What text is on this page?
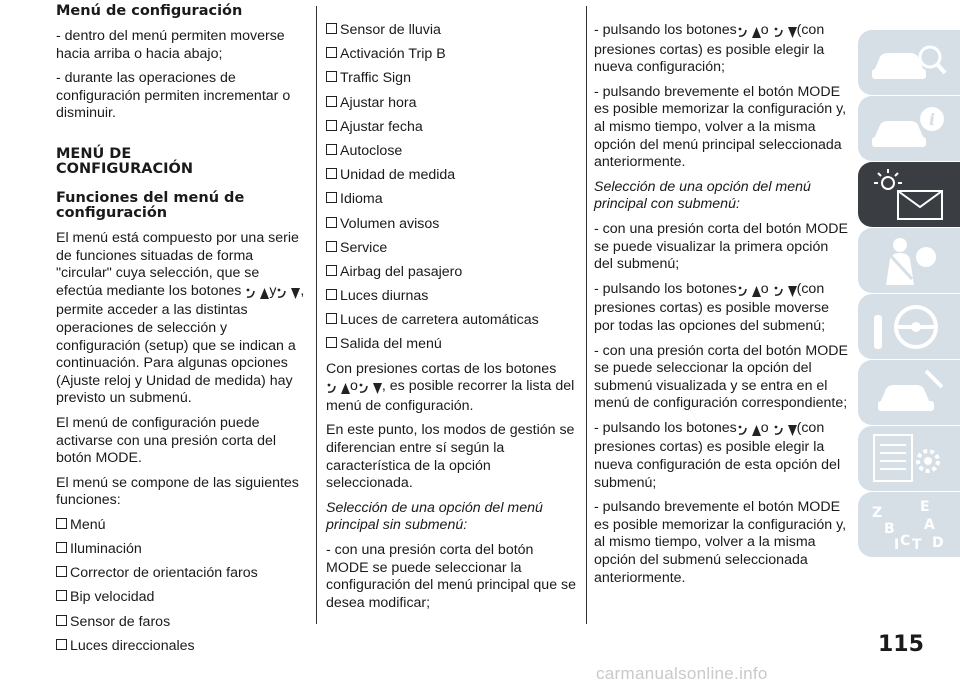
Menú de configuración

- dentro del menú permiten moverse hacia arriba o hacia abajo;

- durante las operaciones de configuración permiten incrementar o disminuir.

MENÚ DE
CONFIGURACIÓN
Funciones del menú de
configuración

El menú está compuesto por una serie de funciones situadas de forma "circular" cuya selección, que se efectúa mediante los botones y , permite acceder a las distintas operaciones de selección y configuración (setup) que se indican a continuación. Para algunas opciones (Ajuste reloj y Unidad de medida) hay previsto un submenú.

El menú de configuración puede activarse con una presión corta del botón MODE.

El menú se compone de las siguientes funciones:

Menú
Iluminación
Corrector de orientación faros
Bip velocidad
Sensor de faros
Luces direccionales
Sensor de lluvia
Activación Trip B
Traffic Sign
Ajustar hora
Ajustar fecha
Autoclose
Unidad de medida
Idioma
Volumen avisos
Service
Airbag del pasajero
Luces diurnas
Luces de carretera automáticas
Salida del menú

Con presiones cortas de los botones o , es posible recorrer la lista del menú de configuración.

En este punto, los modos de gestión se diferencian entre sí según la característica de la opción seleccionada.

Selección de una opción del menú principal sin submenú:

- con una presión corta del botón MODE se puede seleccionar la configuración del menú principal que se desea modificar;

- pulsando los botones o (con presiones cortas) es posible elegir la nueva configuración;

- pulsando brevemente el botón MODE es posible memorizar la configuración y, al mismo tiempo, volver a la misma opción del menú principal seleccionada anteriormente.

Selección de una opción del menú principal con submenú:

- con una presión corta del botón MODE se puede visualizar la primera opción del submenú;

- pulsando los botones o (con presiones cortas) es posible moverse por todas las opciones del submenú;

- con una presión corta del botón MODE se puede seleccionar la opción del submenú visualizada y se entra en el menú de configuración correspondiente;

- pulsando los botones o (con presiones cortas) es posible elegir la nueva configuración de esta opción del submenú;

- pulsando brevemente el botón MODE es posible memorizar la configuración y, al mismo tiempo, volver a la misma opción del submenú seleccionada anteriormente.

i
Z	E
B A
C T D
I
115
carmanualsonline.info
